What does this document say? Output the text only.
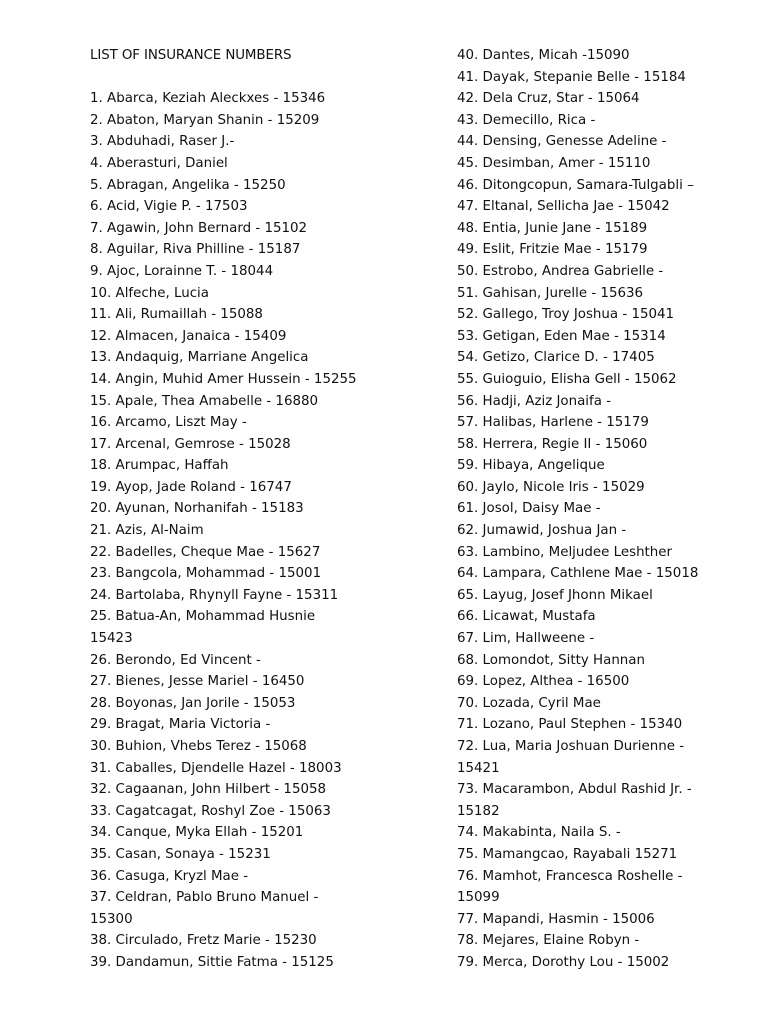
LIST OF INSURANCE NUMBERS
1. Abarca, Keziah Aleckxes - 15346
2. Abaton, Maryan Shanin - 15209
3. Abduhadi, Raser J.-
4. Aberasturi, Daniel
5. Abragan, Angelika - 15250
6. Acid, Vigie P. - 17503
7. Agawin, John Bernard - 15102
8. Aguilar, Riva Philline - 15187
9. Ajoc, Lorainne T. - 18044
10. Alfeche, Lucia
11. Ali, Rumaillah - 15088
12. Almacen, Janaica - 15409
13. Andaquig, Marriane Angelica
14. Angin, Muhid Amer Hussein - 15255
15. Apale, Thea Amabelle - 16880
16. Arcamo, Liszt May -
17. Arcenal, Gemrose - 15028
18. Arumpac, Haffah
19. Ayop, Jade Roland - 16747
20. Ayunan, Norhanifah - 15183
21. Azis, Al-Naim
22. Badelles, Cheque Mae - 15627
23. Bangcola, Mohammad - 15001
24. Bartolaba, Rhynyll Fayne - 15311
25. Batua-An, Mohammad Husnie
15423
26. Berondo, Ed Vincent -
27. Bienes, Jesse Mariel - 16450
28. Boyonas, Jan Jorile - 15053
29. Bragat, Maria Victoria -
30. Buhion, Vhebs Terez - 15068
31. Caballes, Djendelle Hazel - 18003
32. Cagaanan, John Hilbert - 15058
33. Cagatcagat, Roshyl Zoe - 15063
34. Canque, Myka Ellah - 15201
35. Casan, Sonaya - 15231
36. Casuga, Kryzl Mae -
37. Celdran, Pablo Bruno Manuel -
15300
38. Circulado, Fretz Marie - 15230
39. Dandamun, Sittie Fatma - 15125
40. Dantes, Micah -15090
41. Dayak, Stepanie Belle - 15184
42. Dela Cruz, Star - 15064
43. Demecillo, Rica -
44. Densing, Genesse Adeline -
45. Desimban, Amer - 15110
46. Ditongcopun, Samara-Tulgabli –
47. Eltanal, Sellicha Jae - 15042
48. Entia, Junie Jane - 15189
49. Eslit, Fritzie Mae - 15179
50. Estrobo, Andrea Gabrielle -
51. Gahisan, Jurelle - 15636
52. Gallego, Troy Joshua - 15041
53. Getigan, Eden Mae - 15314
54. Getizo, Clarice D. - 17405
55. Guioguio, Elisha Gell - 15062
56. Hadji, Aziz Jonaifa -
57. Halibas, Harlene - 15179
58. Herrera, Regie II - 15060
59. Hibaya, Angelique
60. Jaylo, Nicole Iris - 15029
61. Josol, Daisy Mae -
62. Jumawid, Joshua Jan -
63. Lambino, Meljudee Leshther
64. Lampara, Cathlene Mae - 15018
65. Layug, Josef Jhonn Mikael
66. Licawat, Mustafa
67. Lim, Hallweene -
68. Lomondot, Sitty Hannan
69. Lopez, Althea - 16500
70. Lozada, Cyril Mae
71. Lozano, Paul Stephen - 15340
72. Lua, Maria Joshuan Durienne -
15421
73. Macarambon, Abdul Rashid Jr. -
15182
74. Makabinta, Naila S. -
75. Mamangcao, Rayabali 15271
76. Mamhot, Francesca Roshelle -
15099
77. Mapandi, Hasmin - 15006
78. Mejares, Elaine Robyn -
79. Merca, Dorothy Lou - 15002
